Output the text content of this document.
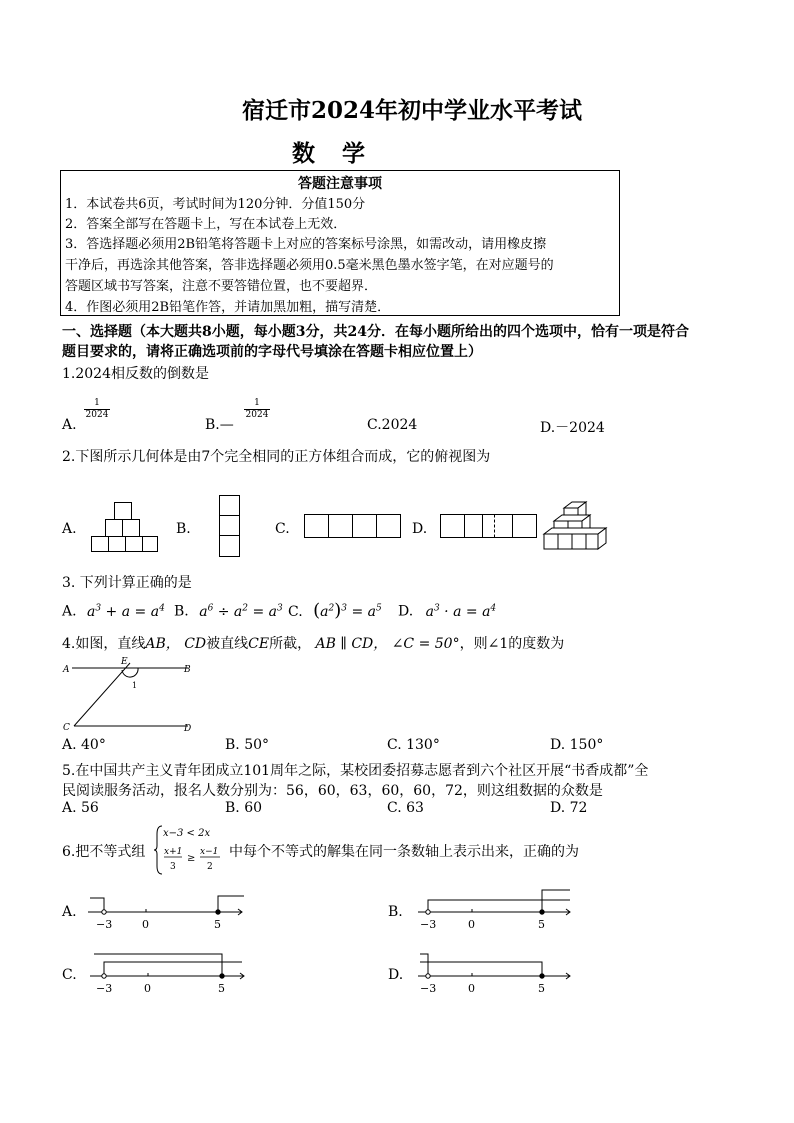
宿迁市2024年初中学业水平考试
数　学
答题注意事项
1．本试卷共6页，考试时间为120分钟．分值150分
2．答案全部写在答题卡上，写在本试卷上无效．
3．答选择题必须用2B铅笔将答题卡上对应的答案标号涂黑，如需改动，请用橡皮擦
干净后，再选涂其他答案，答非选择题必须用0.5毫米黑色墨水签字笔，在对应题号的
答题区域书写答案，注意不要答错位置，也不要超界．
4．作图必须用2B铅笔作答，并请加黑加粗，描写清楚．
一、选择题（本大题共8小题，每小题3分，共24分．在每小题所给出的四个选项中，恰有一项是符合
题目要求的，请将正确选项前的字母代号填涂在答题卡相应位置上）
1.2024相反数的倒数是
A.
$\frac{1}{2024}$
B.—
$\frac{1}{2024}$
C.2024	D.－2024
2.下图所示几何体是由7个完全相同的正方体组合而成，它的俯视图为
A.	B.	C.	D.
3. 下列计算正确的是
A. $a^3 + a = a^4$ B. $a^6 \div a^2 = a^3$ C. $(a^2)^3 = a^5$ D. $a^3 \cdot a = a^4$
4.如图，直线AB， CD被直线CE所截， AB ∥ CD， ∠C = 50°，则∠1的度数为
A	B
C	D
E
1
A. 40°	B. 50°	C. 130°	D. 150°
5.在中国共产主义青年团成立101周年之际，某校团委招募志愿者到六个社区开展“书香成都”全
民阅读服务活动，报名人数分别为：56，60，63，60，60，72，则这组数据的众数是
A. 56	B. 60	C. 63	D. 72
6.把不等式组
x−3 < 2x
x+1
3
≥
x−1
2
中每个不等式的解集在同一条数轴上表示出来，正确的为
A.
−3	0	5
B.
−3	0	5
C.
−3	0	5
D.
−3	0	5
